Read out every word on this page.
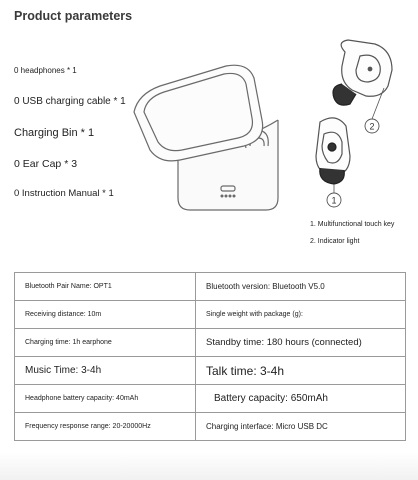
Product parameters
0 headphones * 1
0 USB charging cable * 1
Charging Bin * 1
0 Ear Cap * 3
0 Instruction Manual * 1
2
1
1. Multifunctional touch key
2. Indicator light
Bluetooth Pair Name: OPT1	Bluetooth version: Bluetooth V5.0
Receiving distance: 10m	Single weight with package (g):
Charging time: 1h earphone	Standby time: 180 hours (connected)
Music Time: 3-4h	Talk time: 3-4h
Headphone battery capacity: 40mAh	Battery capacity: 650mAh
Frequency response range: 20-20000Hz	Charging interface: Micro USB DC
